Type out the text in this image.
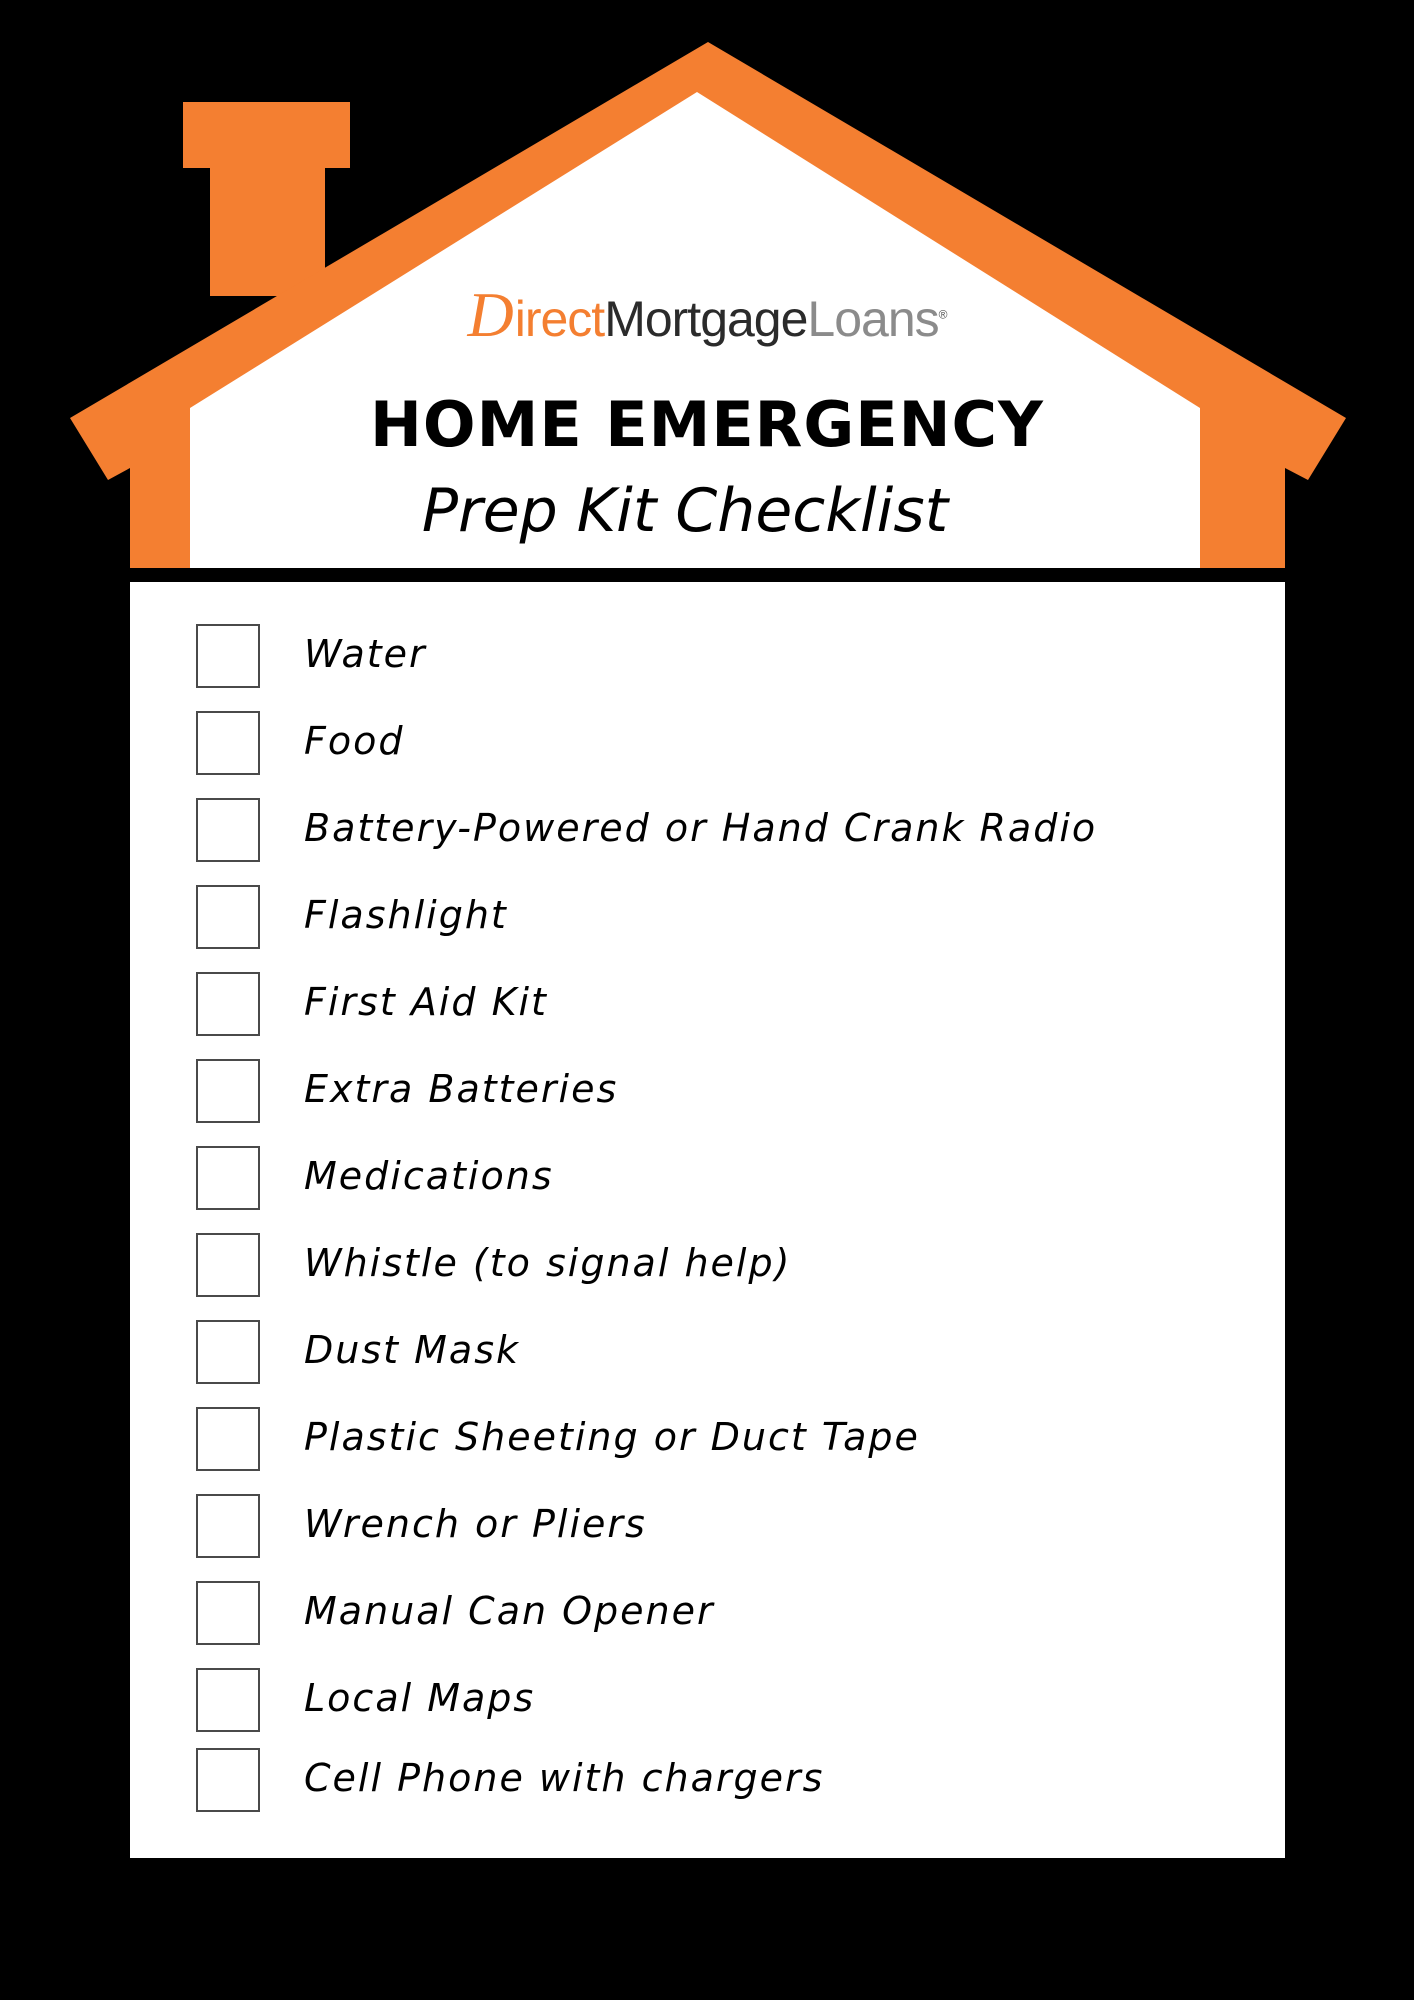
DirectMortgageLoans®
HOME EMERGENCY
Prep Kit Checklist
Water
Food
Battery-Powered or Hand Crank Radio
Flashlight
First Aid Kit
Extra Batteries
Medications
Whistle (to signal help)
Dust Mask
Plastic Sheeting or Duct Tape
Wrench or Pliers
Manual Can Opener
Local Maps
Cell Phone with chargers
